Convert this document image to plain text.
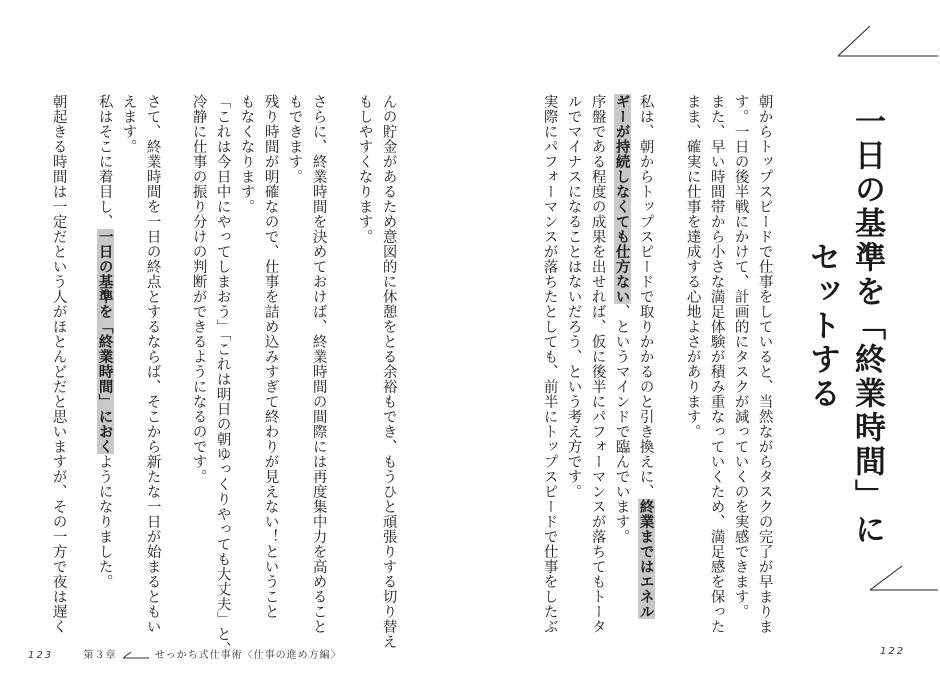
一日の基準を「終業時間」にセットする
朝からトップスピードで仕事をしていると、当然ながらタスクの完了が早まりま
す。一日の後半戦にかけて、計画的にタスクが減っていくのを実感できます。
また、早い時間帯から小さな満足体験が積み重なっていくため、満足感を保った
まま、確実に仕事を達成する心地よさがあります。
私は、朝からトップスピードで取りかかるのと引き換えに、終業まではエネル
ギーが持続しなくても仕方ない、というマインドで臨んでいます。
序盤である程度の成果を出せれば、仮に後半にパフォーマンスが落ちてもトータ
ルでマイナスになることはないだろう、という考え方です。
実際にパフォーマンスが落ちたとしても、前半にトップスピードで仕事をしたぶ
んの貯金があるため意図的に休憩をとる余裕もでき、もうひと頑張りする切り替え
もしやすくなります。
さらに、終業時間を決めておけば、終業時間の間際には再度集中力を高めること
もできます。
残り時間が明確なので、仕事を詰め込みすぎて終わりが見えない！ということ
もなくなります。
「これは今日中にやってしまおう」「これは明日の朝ゆっくりやっても大丈夫」と、
冷静に仕事の振り分けの判断ができるようになるのです。
さて、終業時間を一日の終点とするならば、そこから新たな一日が始まるともい
えます。
私はそこに着目し、一日の基準を「終業時間」におくようになりました。
朝起きる時間は一定だという人がほとんどだと思いますが、その一方で夜は遅く
123	第３章	せっかち式仕事術〈仕事の進め方編〉	122
